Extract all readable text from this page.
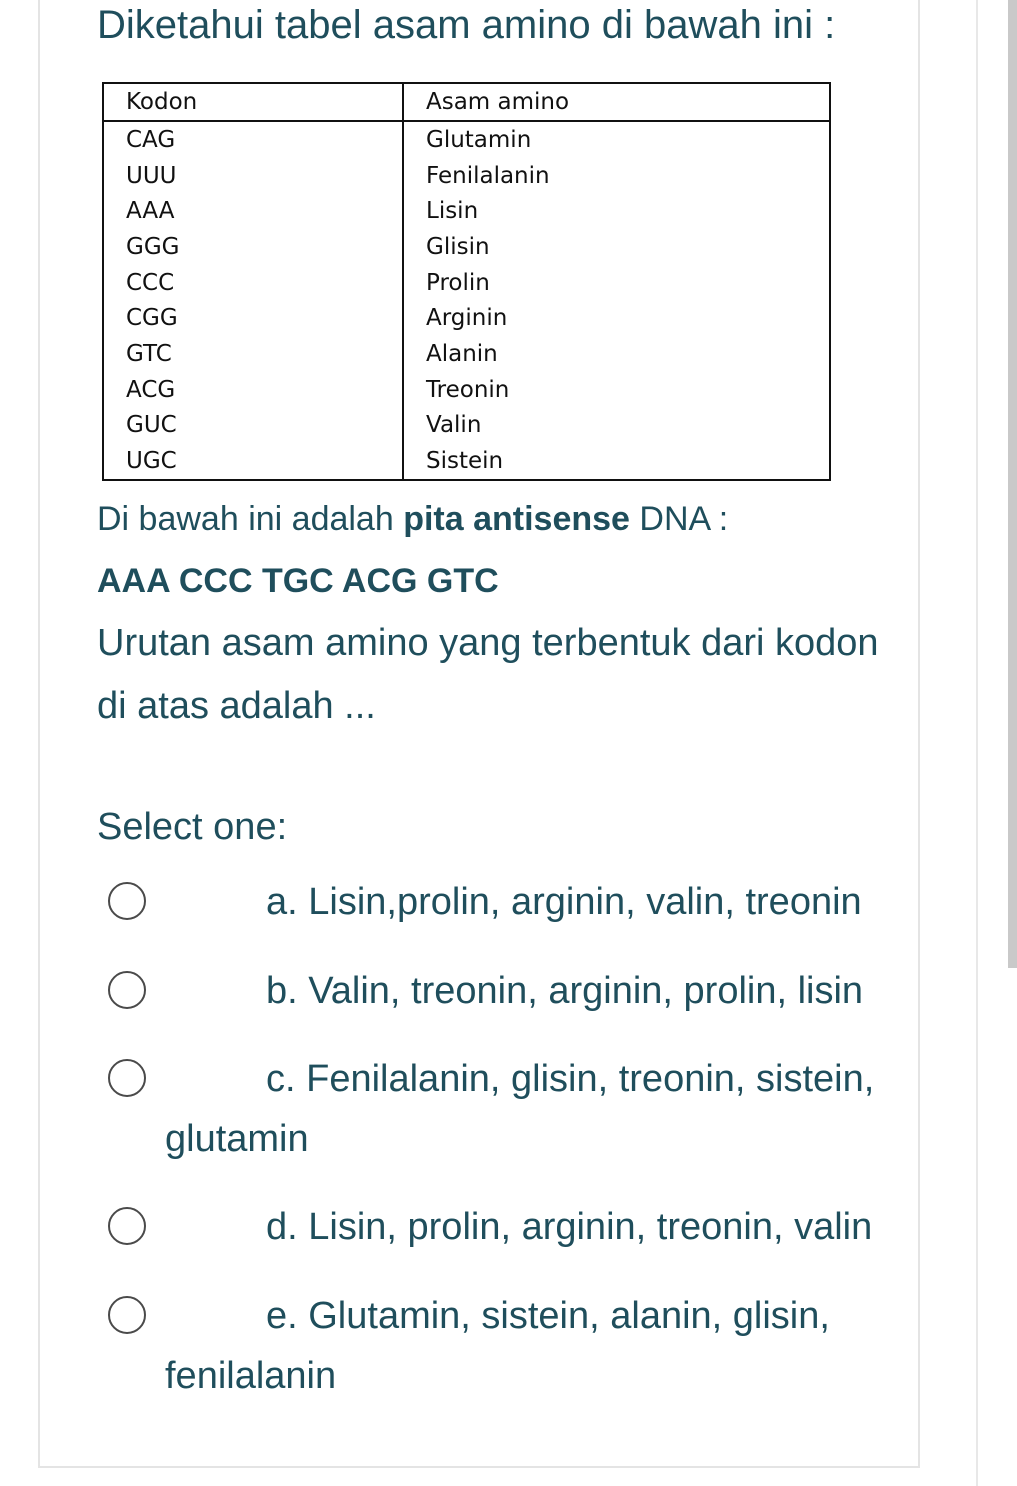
Diketahui tabel asam amino di bawah ini :
Kodon	Asam amino
CAG	Glutamin
UUU	Fenilalanin
AAA	Lisin
GGG	Glisin
CCC	Prolin
CGG	Arginin
GTC	Alanin
ACG	Treonin
GUC	Valin
UGC	Sistein
Di bawah ini adalah pita antisense DNA :
AAA CCC TGC ACG GTC
Urutan asam amino yang terbentuk dari kodon di atas adalah ...
Select one:
a. Lisin,prolin, arginin, valin, treonin
b. Valin, treonin, arginin, prolin, lisin
c. Fenilalanin, glisin, treonin, sistein, glutamin
d. Lisin, prolin, arginin, treonin, valin
e. Glutamin, sistein, alanin, glisin, fenilalanin
